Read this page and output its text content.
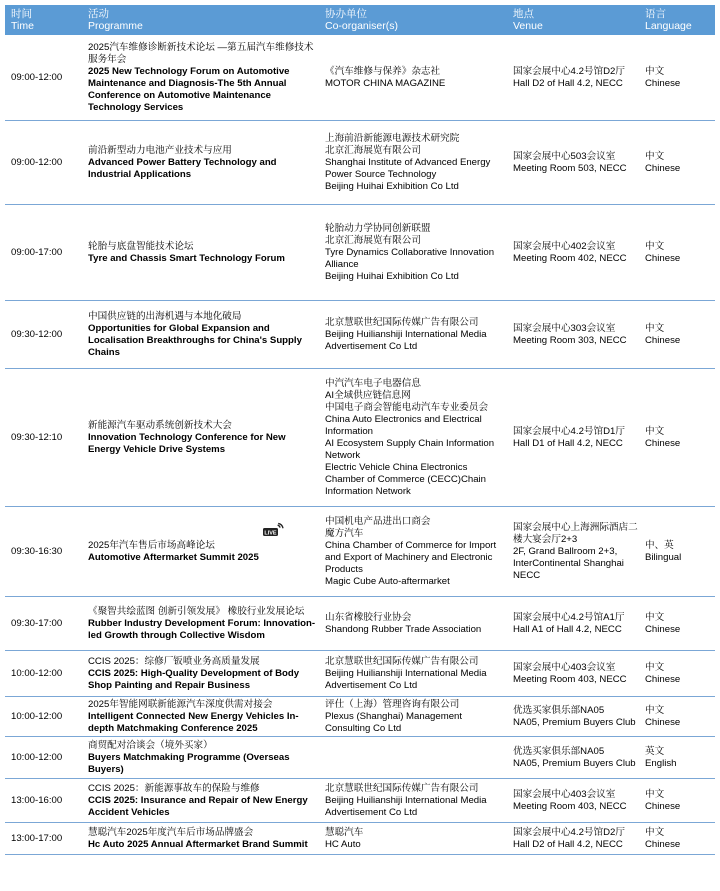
时间
Time
活动
Programme
协办单位
Co-organiser(s)
地点
Venue
语言
Language
09:00-12:00
2025汽车维修诊断新技术论坛 —第五届汽车维修技术服务年会
2025 New Technology Forum on Automotive Maintenance and Diagnosis-The 5th Annual Conference on Automotive Maintenance Technology Services
《汽车维修与保养》杂志社
MOTOR CHINA MAGAZINE
国家会展中心4.2号馆D2厅
Hall D2 of Hall 4.2, NECC
中文
Chinese
09:00-12:00
前沿新型动力电池产业技术与应用
Advanced Power Battery Technology and Industrial Applications
上海前沿新能源电源技术研究院
北京汇海展览有限公司
Shanghai Institute of Advanced Energy Power Source Technology
Beijing Huihai Exhibition Co Ltd
国家会展中心503会议室
Meeting Room 503, NECC
中文
Chinese
09:00-17:00
轮胎与底盘智能技术论坛
Tyre and Chassis Smart Technology Forum
轮胎动力学协同创新联盟
北京汇海展览有限公司
Tyre Dynamics Collaborative Innovation Alliance
Beijing Huihai Exhibition Co Ltd
国家会展中心402会议室
Meeting Room 402, NECC
中文
Chinese
09:30-12:00
中国供应链的出海机遇与本地化破局
Opportunities for Global Expansion and Localisation Breakthroughs for China's Supply Chains
北京慧联世纪国际传媒广告有限公司
Beijing Huilianshiji International Media Advertisement Co Ltd
国家会展中心303会议室
Meeting Room 303, NECC
中文
Chinese
09:30-12:10
新能源汽车驱动系统创新技术大会
Innovation Technology Conference for New Energy Vehicle Drive Systems
中汽汽车电子电器信息
AI全域供应链信息网
中国电子商会智能电动汽车专业委员会
China Auto Electronics and Electrical Information
AI Ecosystem Supply Chain Information Network
Electric Vehicle China Electronics Chamber of Commerce (CECC)Chain Information Network
国家会展中心4.2号馆D1厅
Hall D1 of Hall 4.2, NECC
中文
Chinese
09:30-16:30
2025年汽车售后市场高峰论坛
Automotive Aftermarket Summit 2025
中国机电产品进出口商会
魔方汽车
China Chamber of Commerce for Import and Export of Machinery and Electronic Products
Magic Cube Auto-aftermarket
国家会展中心上海洲际酒店二楼大宴会厅2+3
2F, Grand Ballroom 2+3, InterContinental Shanghai NECC
中、英
Bilingual
LIVE
09:30-17:00
《聚智共绘蓝图 创新引领发展》 橡胶行业发展论坛
Rubber Industry Development Forum: Innovation-led Growth through Collective Wisdom
山东省橡胶行业协会
Shandong Rubber Trade Association
国家会展中心4.2号馆A1厅
Hall A1 of Hall 4.2, NECC
中文
Chinese
10:00-12:00
CCIS 2025：综修厂钣喷业务高质量发展
CCIS 2025: High-Quality Development of Body Shop Painting and Repair Business
北京慧联世纪国际传媒广告有限公司
Beijing Huilianshiji International Media Advertisement Co Ltd
国家会展中心403会议室
Meeting Room 403, NECC
中文
Chinese
10:00-12:00
2025年智能网联新能源汽车深度供需对接会
Intelligent Connected New Energy Vehicles In-depth Matchmaking Conference 2025
评仕（上海）管理咨询有限公司
Plexus (Shanghai) Management Consulting Co Ltd
优选买家俱乐部NA05
NA05, Premium Buyers Club
中文
Chinese
10:00-12:00
商贸配对洽谈会（境外买家）
Buyers Matchmaking Programme (Overseas Buyers)
优选买家俱乐部NA05
NA05, Premium Buyers Club
英文
English
13:00-16:00
CCIS 2025：新能源事故车的保险与维修
CCIS 2025: Insurance and Repair of New Energy Accident Vehicles
北京慧联世纪国际传媒广告有限公司
Beijing Huilianshiji International Media Advertisement Co Ltd
国家会展中心403会议室
Meeting Room 403, NECC
中文
Chinese
13:00-17:00
慧聪汽车2025年度汽车后市场品牌盛会
Hc Auto 2025 Annual Aftermarket Brand Summit
慧聪汽车
HC Auto
国家会展中心4.2号馆D2厅
Hall D2 of Hall 4.2, NECC
中文
Chinese
